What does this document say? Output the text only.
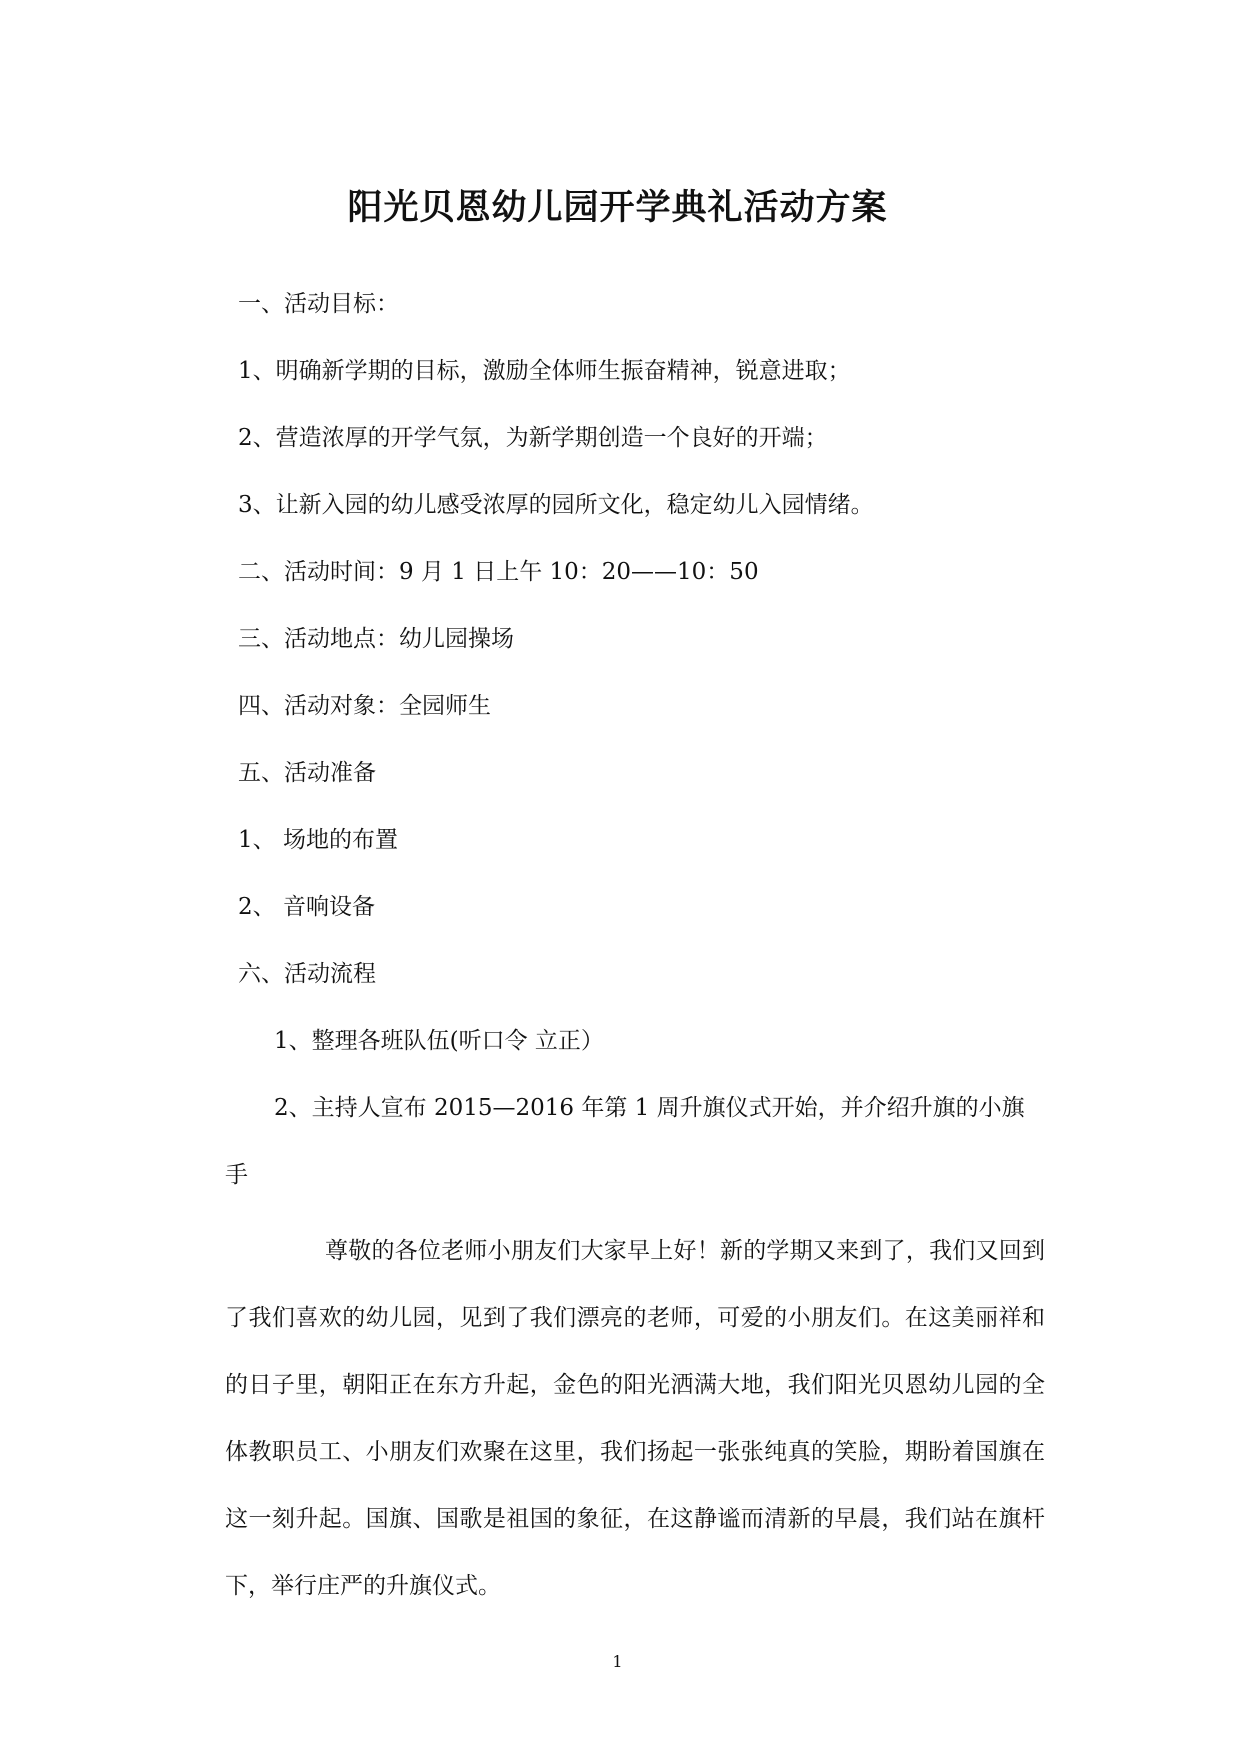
阳光贝恩幼儿园开学典礼活动方案
一、活动目标：
1、明确新学期的目标，激励全体师生振奋精神，锐意进取；
2、营造浓厚的开学气氛，为新学期创造一个良好的开端；
3、让新入园的幼儿感受浓厚的园所文化，稳定幼儿入园情绪。
二、活动时间：9 月 1 日上午 10：20——10：50
三、活动地点：幼儿园操场
四、活动对象：全园师生
五、活动准备
1、 场地的布置
2、 音响设备
六、活动流程
1、整理各班队伍(听口令 立正）
2、主持人宣布 2015—2016 年第 1 周升旗仪式开始，并介绍升旗的小旗
手
尊敬的各位老师小朋友们大家早上好！新的学期又来到了，我们又回到了我们喜欢的幼儿园，见到了我们漂亮的老师，可爱的小朋友们。在这美丽祥和的日子里，朝阳正在东方升起，金色的阳光洒满大地，我们阳光贝恩幼儿园的全体教职员工、小朋友们欢聚在这里，我们扬起一张张纯真的笑脸，期盼着国旗在这一刻升起。国旗、国歌是祖国的象征，在这静谧而清新的早晨，我们站在旗杆下，举行庄严的升旗仪式。
1
